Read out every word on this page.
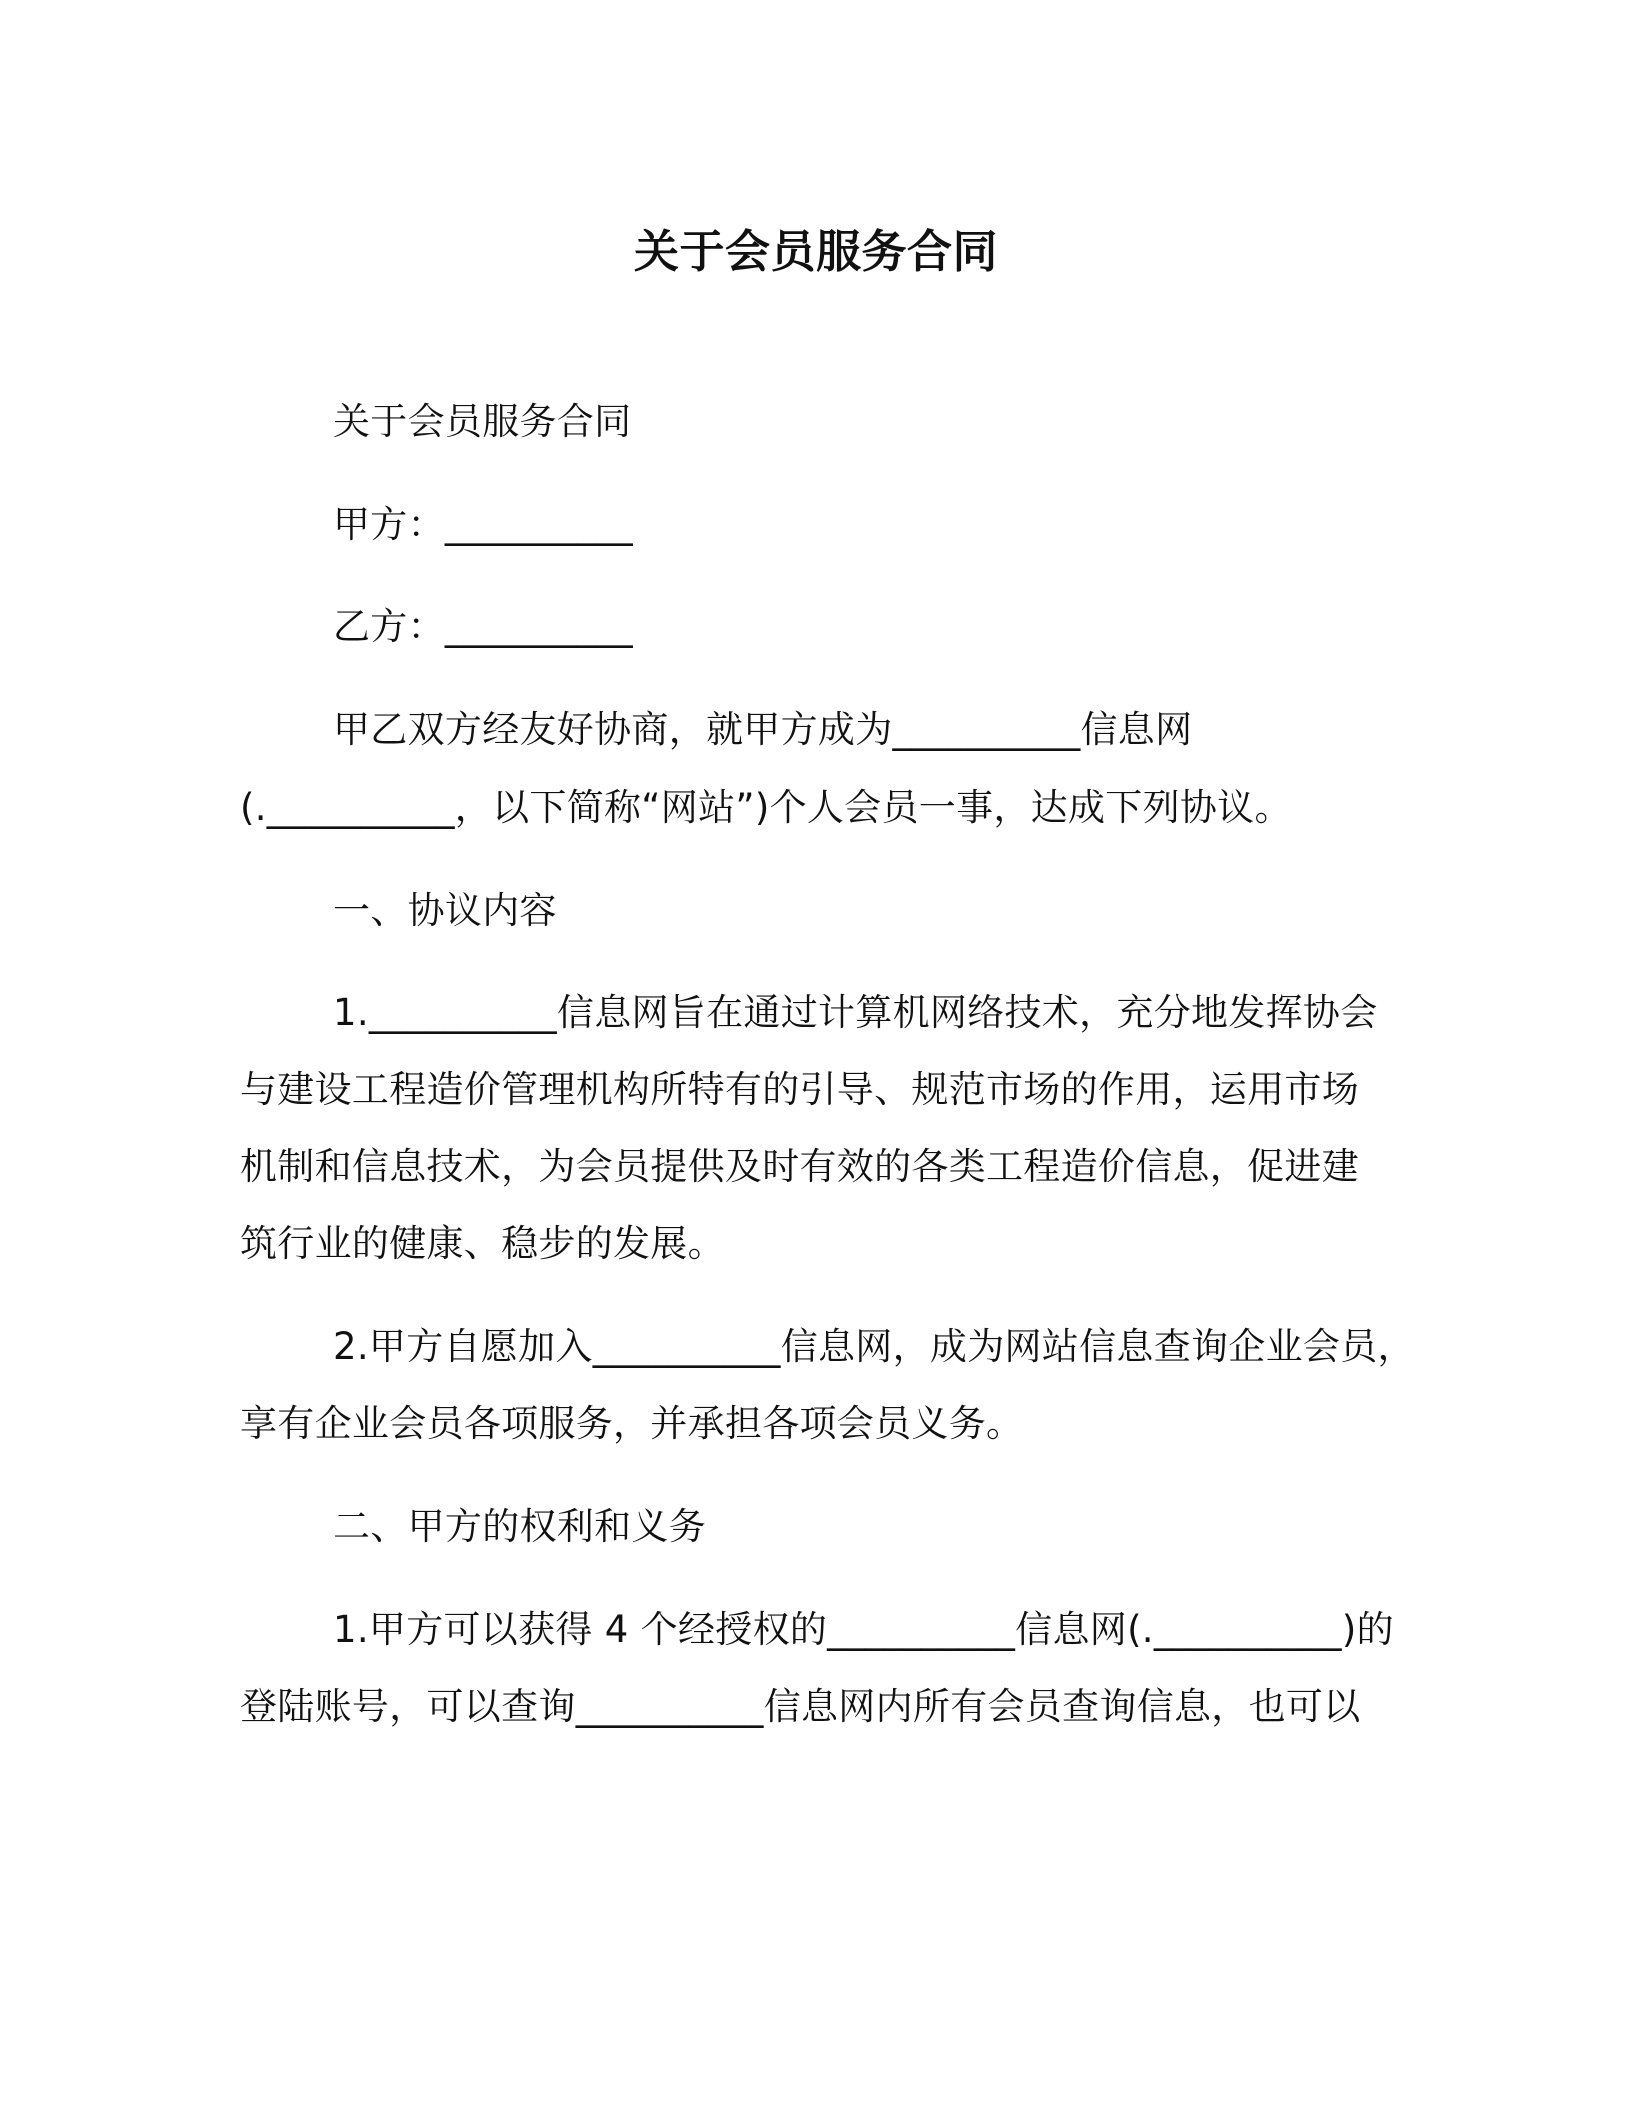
关于会员服务合同
关于会员服务合同
甲方：__________
乙方：__________
甲乙双方经友好协商，就甲方成为__________信息网
(.__________，以下简称“网站”)个人会员一事，达成下列协议。
一、协议内容
1.__________信息网旨在通过计算机网络技术，充分地发挥协会
与建设工程造价管理机构所特有的引导、规范市场的作用，运用市场
机制和信息技术，为会员提供及时有效的各类工程造价信息，促进建
筑行业的健康、稳步的发展。
2.甲方自愿加入__________信息网，成为网站信息查询企业会员，
享有企业会员各项服务，并承担各项会员义务。
二、甲方的权利和义务
1.甲方可以获得 4 个经授权的__________信息网(.__________)的
登陆账号，可以查询__________信息网内所有会员查询信息，也可以
